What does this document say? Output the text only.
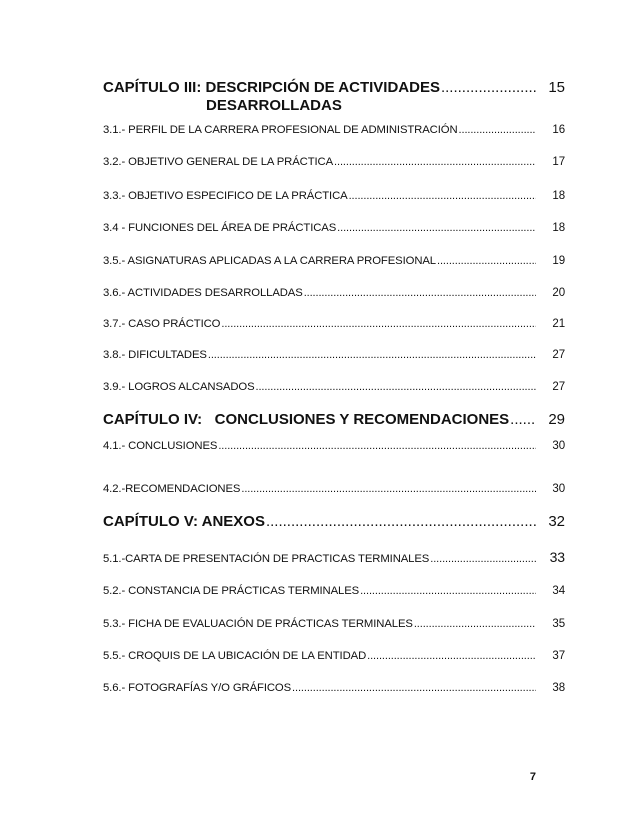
CAPÍTULO III: DESCRIPCIÓN DE ACTIVIDADES .....	15
DESARROLLADAS
3.1.- PERFIL DE LA CARRERA PROFESIONAL DE ADMINISTRACIÓN .....	16
3.2.- OBJETIVO GENERAL DE LA PRÁCTICA .....	17
3.3.- OBJETIVO ESPECIFICO DE LA PRÁCTICA .....	18
3.4 - FUNCIONES DEL ÁREA DE PRÁCTICAS .....	18
3.5.- ASIGNATURAS APLICADAS A LA CARRERA PROFESIONAL .....	19
3.6.- ACTIVIDADES DESARROLLADAS .....	20
3.7.- CASO PRÁCTICO .....	21
3.8.- DIFICULTADES .....	27
3.9.- LOGROS ALCANSADOS .....	27
CAPÍTULO IV:   CONCLUSIONES Y RECOMENDACIONES .....	29
4.1.- CONCLUSIONES .....	30
4.2.-RECOMENDACIONES .....	30
CAPÍTULO V: ANEXOS .....	32
5.1.-CARTA DE PRESENTACIÓN DE PRACTICAS TERMINALES .....	33
5.2.- CONSTANCIA DE PRÁCTICAS TERMINALES .....	34
5.3.- FICHA DE EVALUACIÓN DE PRÁCTICAS TERMINALES .....	35
5.5.- CROQUIS DE LA UBICACIÓN DE LA ENTIDAD .....	37
5.6.- FOTOGRAFÍAS Y/O GRÁFICOS .....	38
7
